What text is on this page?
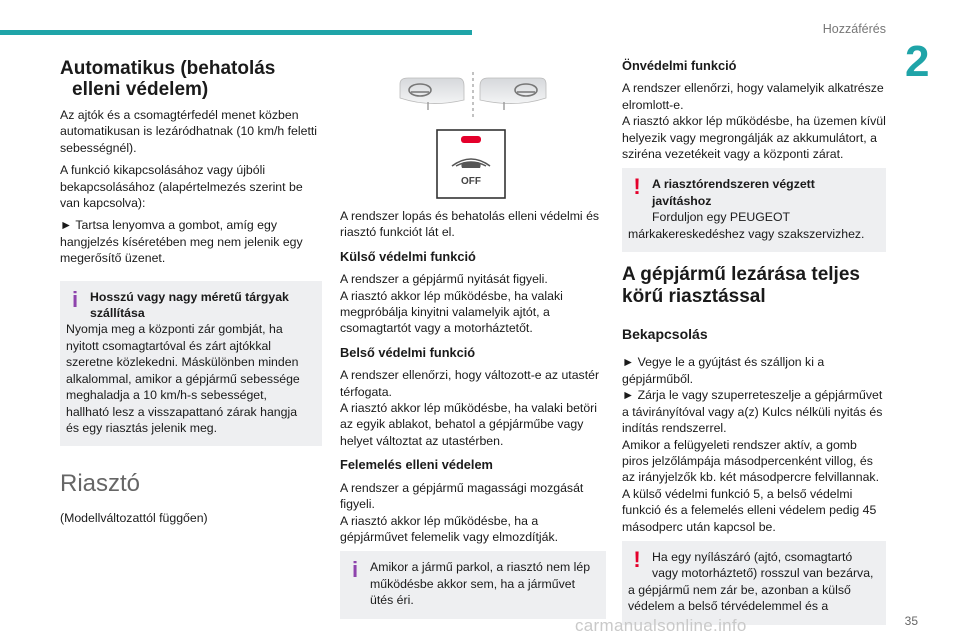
Hozzáférés
2
Automatikus (behatolás
elleni védelem)

Az ajtók és a csomagtérfedél menet közben automatikusan is lezáródhatnak (10 km/h feletti sebességnél).

A funkció kikapcsolásához vagy újbóli bekapcsolásához (alapértelmezés szerint be van kapcsolva):

► Tartsa lenyomva a gombot, amíg egy hangjelzés kíséretében meg nem jelenik egy megerősítő üzenet.

i Hosszú vagy nagy méretű tárgyak szállítása
Nyomja meg a központi zár gombját, ha nyitott csomagtartóval és zárt ajtókkal szeretne közlekedni. Máskülönben minden alkalommal, amikor a gépjármű sebessége meghaladja a 10 km/h-s sebességet, hallható lesz a visszapattanó zárak hangja és egy riasztás jelenik meg.
Riasztó

(Modellváltozattól függően)

OFF

A rendszer lopás és behatolás elleni védelmi és riasztó funkciót lát el.

Külső védelmi funkció

A rendszer a gépjármű nyitását figyeli.

A riasztó akkor lép működésbe, ha valaki megpróbálja kinyitni valamelyik ajtót, a csomagtartót vagy a motorháztetőt.

Belső védelmi funkció

A rendszer ellenőrzi, hogy változott-e az utastér térfogata.

A riasztó akkor lép működésbe, ha valaki betöri az egyik ablakot, behatol a gépjárműbe vagy helyet változtat az utastérben.

Felemelés elleni védelem

A rendszer a gépjármű magassági mozgását figyeli.

A riasztó akkor lép működésbe, ha a gépjárművet felemelik vagy elmozdítják.

i Amikor a jármű parkol, a riasztó nem lép
működésbe akkor sem, ha a járművet ütés éri.
Önvédelmi funkció

A rendszer ellenőrzi, hogy valamelyik alkatrésze elromlott-e.

A riasztó akkor lép működésbe, ha üzemen kívül helyezik vagy megrongálják az akkumulátort, a sziréna vezetékeit vagy a központi zárat.

! A riasztórendszeren végzett javításhoz
Forduljon egy PEUGEOT
márkakereskedéshez vagy szakszervizhez.
A gépjármű lezárása teljes
körű riasztással
Bekapcsolás

► Vegye le a gyújtást és szálljon ki a gépjárműből.

► Zárja le vagy szuperreteszelje a gépjárművet a távirányítóval vagy a(z) Kulcs nélküli nyitás és indítás rendszerrel.

Amikor a felügyeleti rendszer aktív, a gomb piros jelzőlámpája másodpercenként villog, és az irányjelzők kb. két másodpercre felvillannak.

A külső védelmi funkció 5, a belső védelmi funkció és a felemelés elleni védelem pedig 45 másodperc után kapcsol be.

! Ha egy nyílászáró (ajtó, csomagtartó
vagy motorháztető) rosszul van bezárva,
a gépjármű nem zár be, azonban a külső védelem a belső térvédelemmel és a
carmanualsonline.info	35
